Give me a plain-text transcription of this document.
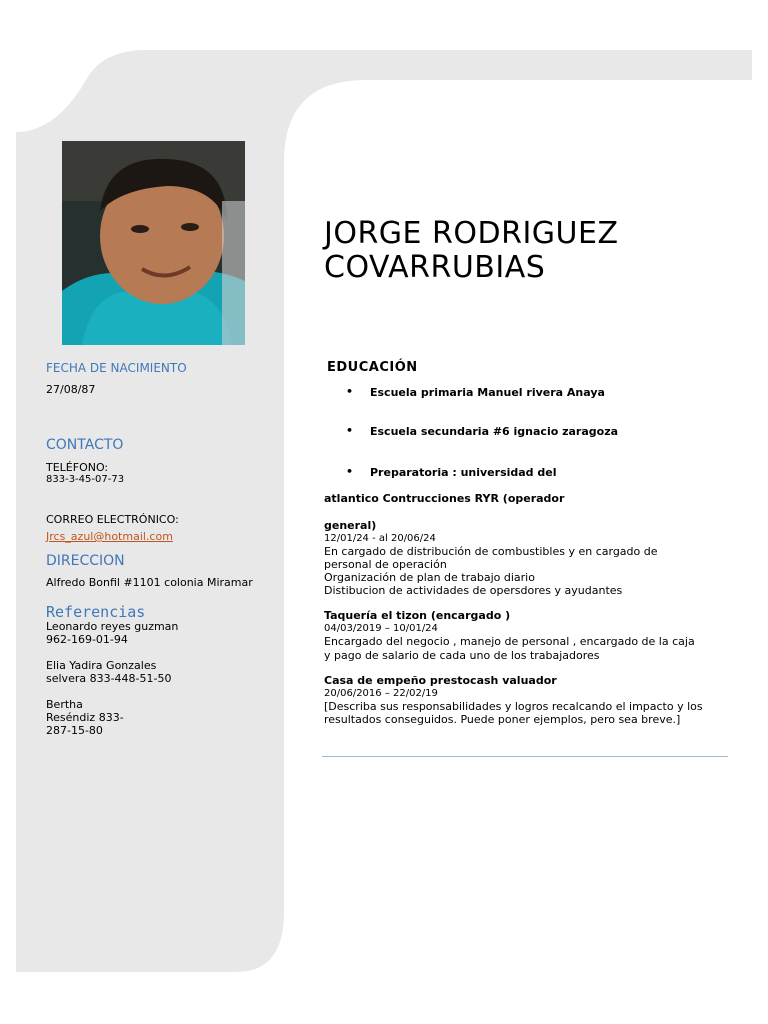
FECHA DE NACIMIENTO
27/08/87
CONTACTO
TELÉFONO:
833-3-45-07-73
CORREO ELECTRÓNICO:
Jrcs_azul@hotmail.com
DIRECCION
Alfredo Bonfil #1101 colonia Miramar
Referencias
Leonardo reyes guzman
962-169-01-94
Elia Yadira Gonzales
selvera 833-448-51-50
Bertha
Reséndiz 833-
287-15-80
JORGE RODRIGUEZ
COVARRUBIAS
EDUCACIÓN
• Escuela primaria Manuel rivera Anaya
• Escuela secundaria #6 ignacio zaragoza
• Preparatoria : universidad del
atlantico Contrucciones RYR (operador
general)
12/01/24 - al 20/06/24
En cargado de distribución de combustibles y en cargado de
personal de operación
Organización de plan de trabajo diario
Distibucion de actividades de opersdores y ayudantes
Taquería el tizon (encargado )
04/03/2019 – 10/01/24
Encargado del negocio , manejo de personal , encargado de la caja
y pago de salario de cada uno de los trabajadores
Casa de empeño prestocash valuador
20/06/2016 – 22/02/19
[Describa sus responsabilidades y logros recalcando el impacto y los
resultados conseguidos. Puede poner ejemplos, pero sea breve.]
